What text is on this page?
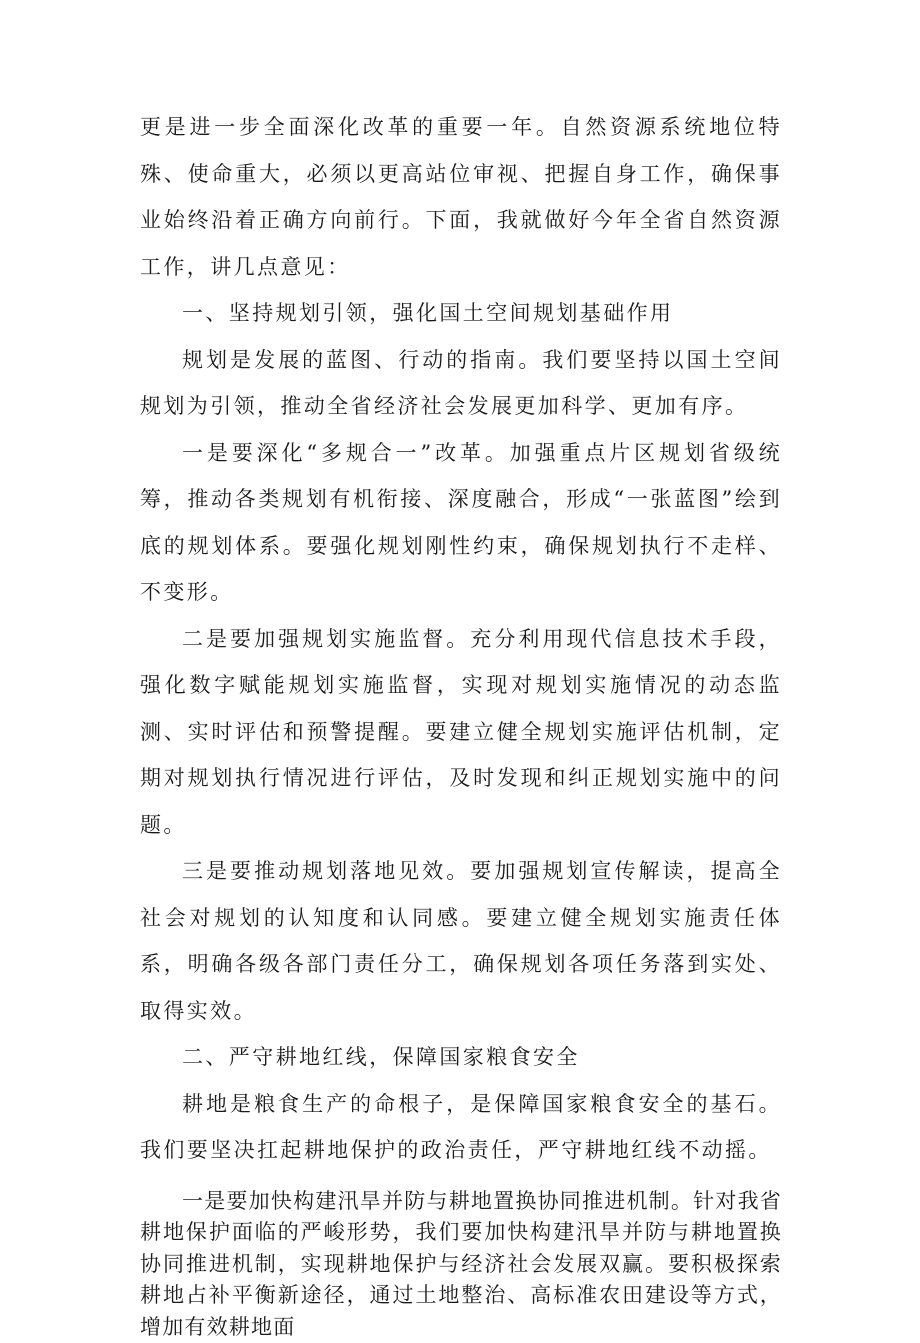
更是进一步全面深化改革的重要一年。自然资源系统地位特殊、使命重大，必须以更高站位审视、把握自身工作，确保事业始终沿着正确方向前行。下面，我就做好今年全省自然资源工作，讲几点意见：

一、坚持规划引领，强化国土空间规划基础作用

规划是发展的蓝图、行动的指南。我们要坚持以国土空间规划为引领，推动全省经济社会发展更加科学、更加有序。

一是要深化“多规合一”改革。加强重点片区规划省级统筹，推动各类规划有机衔接、深度融合，形成“一张蓝图”绘到底的规划体系。要强化规划刚性约束，确保规划执行不走样、不变形。

二是要加强规划实施监督。充分利用现代信息技术手段，强化数字赋能规划实施监督，实现对规划实施情况的动态监测、实时评估和预警提醒。要建立健全规划实施评估机制，定期对规划执行情况进行评估，及时发现和纠正规划实施中的问题。

三是要推动规划落地见效。要加强规划宣传解读，提高全社会对规划的认知度和认同感。要建立健全规划实施责任体系，明确各级各部门责任分工，确保规划各项任务落到实处、取得实效。

二、严守耕地红线，保障国家粮食安全

耕地是粮食生产的命根子，是保障国家粮食安全的基石。我们要坚决扛起耕地保护的政治责任，严守耕地红线不动摇。

一是要加快构建汛旱并防与耕地置换协同推进机制。针对我省耕地保护面临的严峻形势，我们要加快构建汛旱并防与耕地置换协同推进机制，实现耕地保护与经济社会发展双赢。要积极探索耕地占补平衡新途径，通过土地整治、高标准农田建设等方式，增加有效耕地面
